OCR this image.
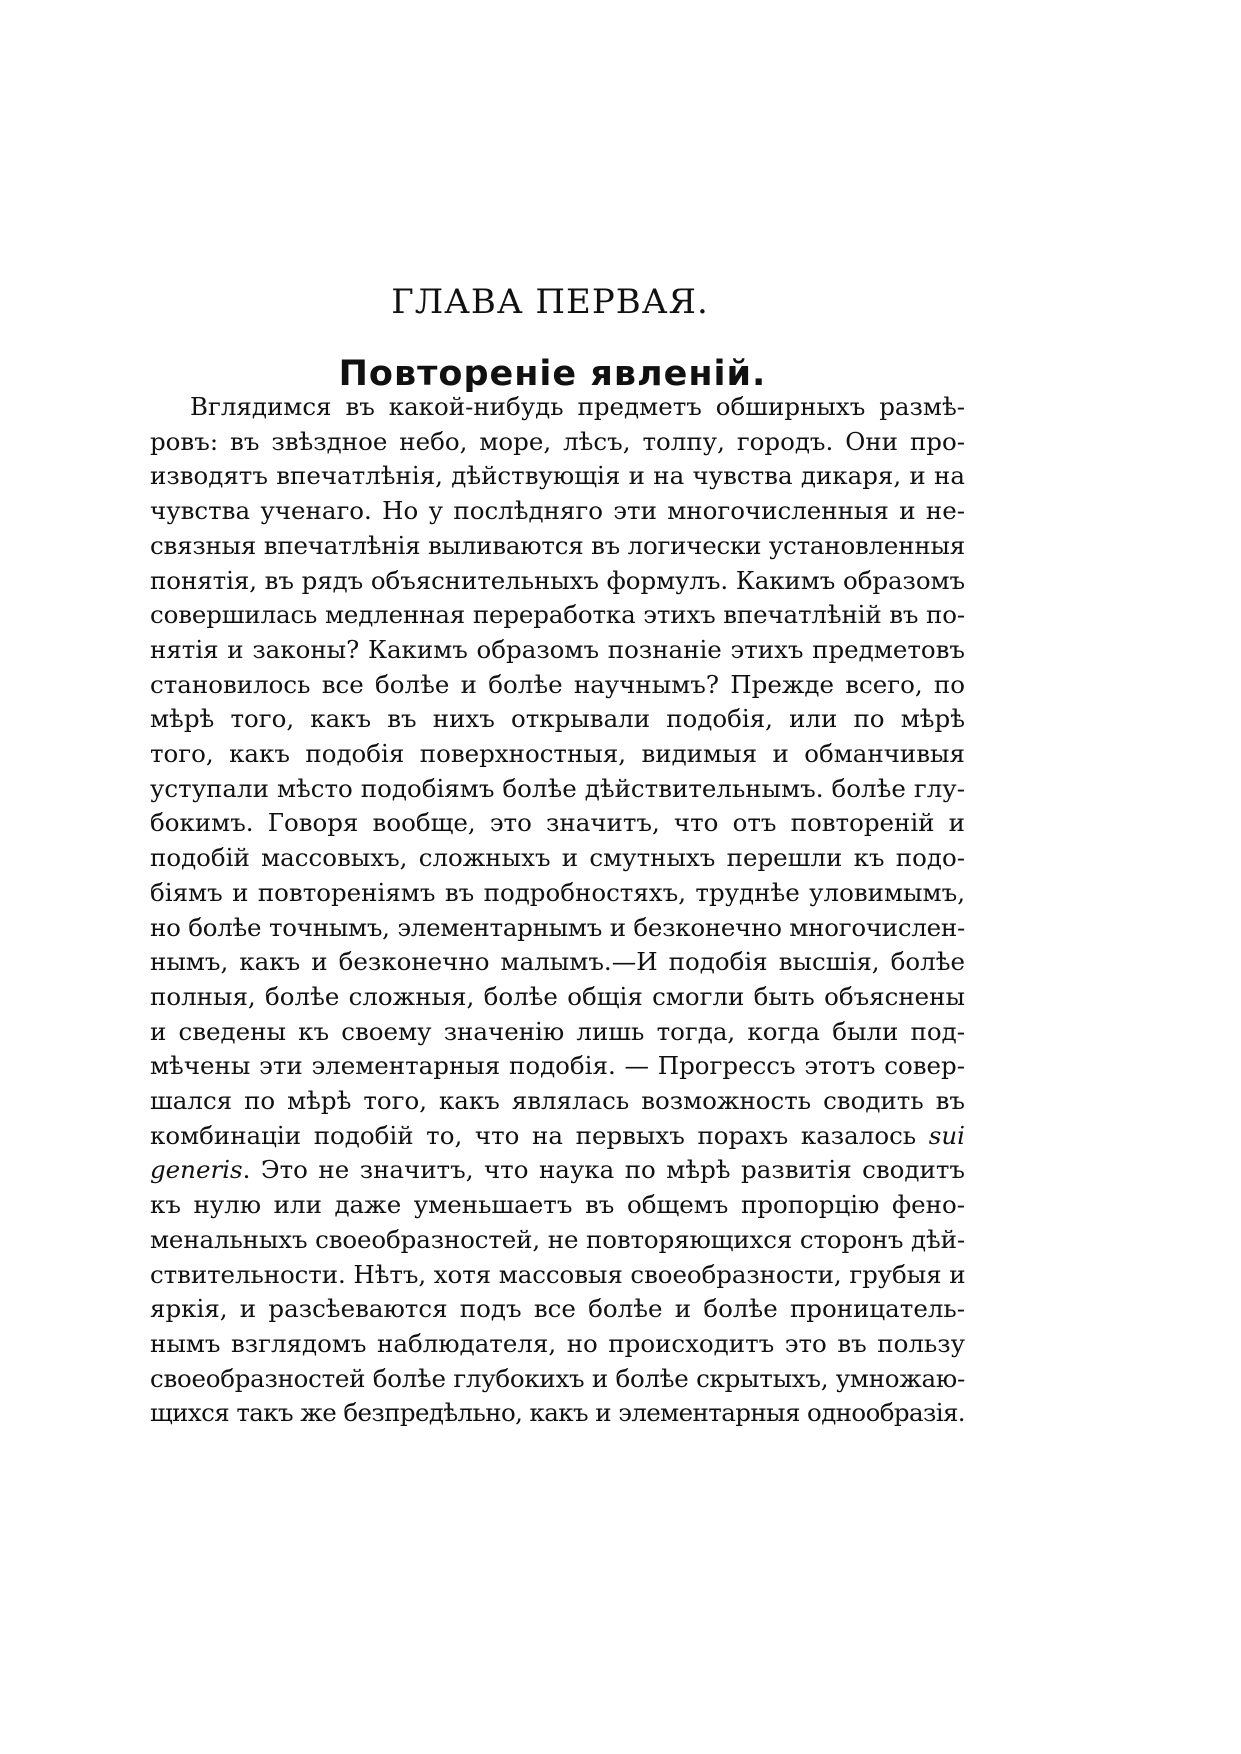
ГЛАВА ПЕРВАЯ.
Повтореніе явленій.
Вглядимся въ какой-нибудь предметъ обширныхъ размѣ-
ровъ: въ звѣздное небо, море, лѣсъ, толпу, городъ. Они про-
изводятъ впечатлѣнія, дѣйствующія и на чувства дикаря, и на
чувства ученаго. Но у послѣдняго эти многочисленныя и не-
связныя впечатлѣнія выливаются въ логически установленныя
понятія, въ рядъ объяснительныхъ формулъ. Какимъ образомъ
совершилась медленная переработка этихъ впечатлѣній въ по-
нятія и законы? Какимъ образомъ познаніе этихъ предметовъ
становилось все болѣе и болѣе научнымъ? Прежде всего, по
мѣрѣ того, какъ въ нихъ открывали подобія, или по мѣрѣ
того, какъ подобія поверхностныя, видимыя и обманчивыя
уступали мѣсто подобіямъ болѣе дѣйствительнымъ. болѣе глу-
бокимъ. Говоря вообще, это значитъ, что отъ повтореній и
подобій массовыхъ, сложныхъ и смутныхъ перешли къ подо-
біямъ и повтореніямъ въ подробностяхъ, труднѣе уловимымъ,
но болѣе точнымъ, элементарнымъ и безконечно многочислен-
нымъ, какъ и безконечно малымъ.—И подобія высшія, болѣе
полныя, болѣе сложныя, болѣе общія смогли быть объяснены
и сведены къ своему значенію лишь тогда, когда были под-
мѣчены эти элементарныя подобія. — Прогрессъ этотъ совер-
шался по мѣрѣ того, какъ являлась возможность сводить въ
комбинаціи подобій то, что на первыхъ порахъ казалось sui
generis. Это не значитъ, что наука по мѣрѣ развитія сводитъ
къ нулю или даже уменьшаетъ въ общемъ пропорцію фено-
менальныхъ своеобразностей, не повторяющихся сторонъ дѣй-
ствительности. Нѣтъ, хотя массовыя своеобразности, грубыя и
яркія, и разсѣеваются подъ все болѣе и болѣе проницатель-
нымъ взглядомъ наблюдателя, но происходитъ это въ пользу
своеобразностей болѣе глубокихъ и болѣе скрытыхъ, умножаю-
щихся такъ же безпредѣльно, какъ и элементарныя однообразія.
